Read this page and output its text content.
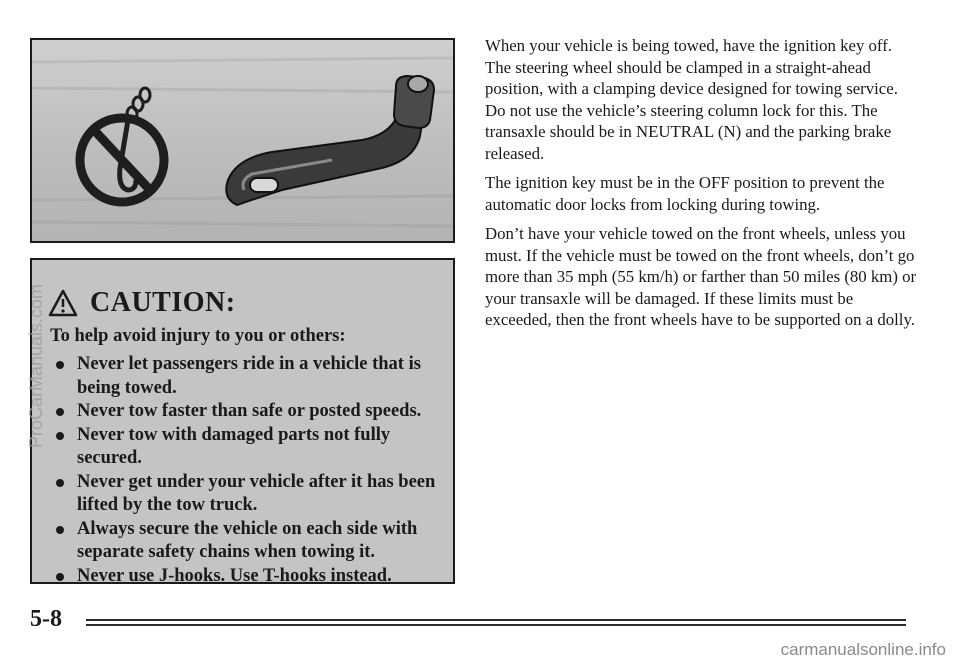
CAUTION:
To help avoid injury to you or others:
Never let passengers ride in a vehicle that is being towed.
Never tow faster than safe or posted speeds.
Never tow with damaged parts not fully secured.
Never get under your vehicle after it has been lifted by the tow truck.
Always secure the vehicle on each side with separate safety chains when towing it.
Never use J-hooks. Use T-hooks instead.

When your vehicle is being towed, have the ignition key off. The steering wheel should be clamped in a straight-ahead position, with a clamping device designed for towing service. Do not use the vehicle’s steering column lock for this. The transaxle should be in NEUTRAL (N) and the parking brake released.

The ignition key must be in the OFF position to prevent the automatic door locks from locking during towing.

Don’t have your vehicle towed on the front wheels, unless you must. If the vehicle must be towed on the front wheels, don’t go more than 35 mph (55 km/h) or farther than 50 miles (80 km) or your transaxle will be damaged. If these limits must be exceeded, then the front wheels have to be supported on a dolly.

ProCarManuals.com
5-8
carmanualsonline.info
